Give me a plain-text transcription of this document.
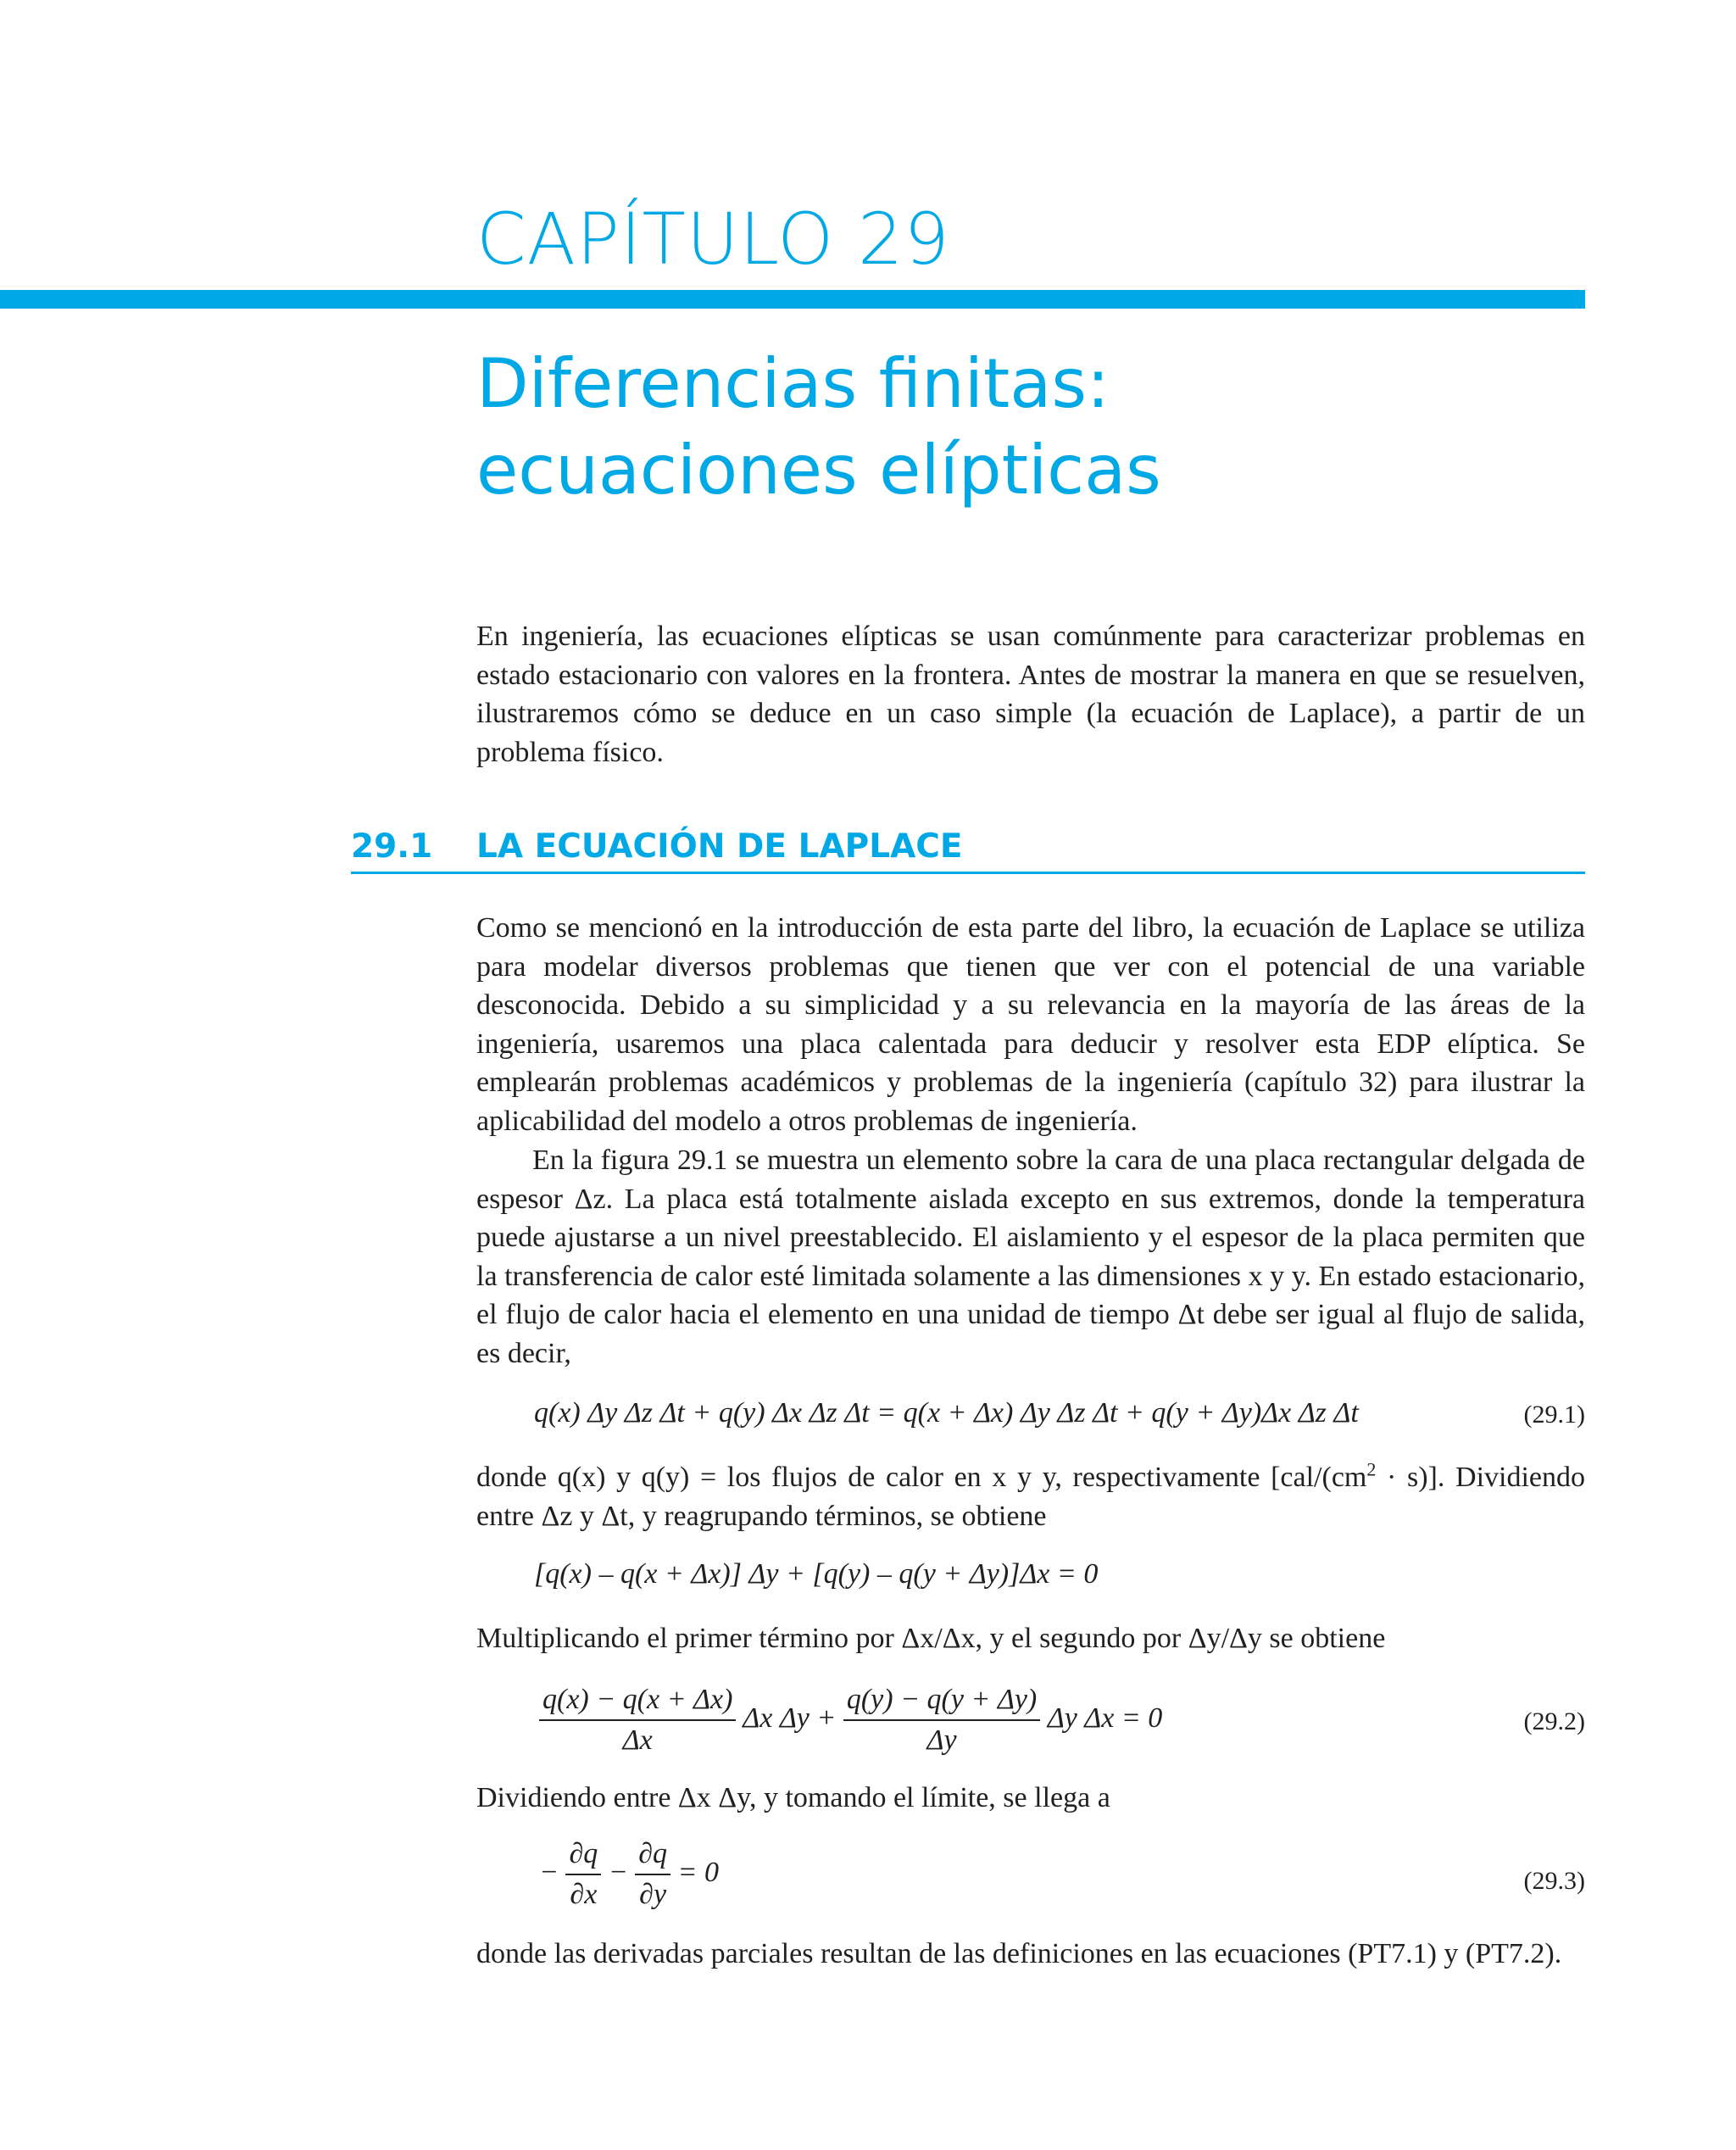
CAPÍTULO 29
Diferencias finitas:
ecuaciones elípticas

En ingeniería, las ecuaciones elípticas se usan comúnmente para caracterizar problemas en estado estacionario con valores en la frontera. Antes de mostrar la manera en que se resuelven, ilustraremos cómo se deduce en un caso simple (la ecuación de Laplace), a partir de un problema físico.

29.1 LA ECUACIÓN DE LAPLACE

Como se mencionó en la introducción de esta parte del libro, la ecuación de Laplace se utiliza para modelar diversos problemas que tienen que ver con el potencial de una variable desconocida. Debido a su simplicidad y a su relevancia en la mayoría de las áreas de la ingeniería, usaremos una placa calentada para deducir y resolver esta EDP elíptica. Se emplearán problemas académicos y problemas de la ingeniería (capítulo 32) para ilustrar la aplicabilidad del modelo a otros problemas de ingeniería.

En la figura 29.1 se muestra un elemento sobre la cara de una placa rectangular delgada de espesor Δz. La placa está totalmente aislada excepto en sus extremos, donde la temperatura puede ajustarse a un nivel preestablecido. El aislamiento y el espesor de la placa permiten que la transferencia de calor esté limitada solamente a las dimensiones x y y. En estado estacionario, el flujo de calor hacia el elemento en una unidad de tiempo Δt debe ser igual al flujo de salida, es decir,

q(x) Δy Δz Δt + q(y) Δx Δz Δt = q(x + Δx) Δy Δz Δt + q(y + Δy)Δx Δz Δt	(29.1)

donde q(x) y q(y) = los flujos de calor en x y y, respectivamente $[cal/(cm^2 \cdot s)]$. Dividiendo entre Δz y Δt, y reagrupando términos, se obtiene

[q(x) – q(x + Δx)] Δy + [q(y) – q(y + Δy)]Δx = 0

Multiplicando el primer término por Δx/Δx, y el segundo por Δy/Δy se obtiene

$\frac{q(x) - q(x + \Delta x)}{\Delta x}$ Δx $\Delta y + \frac{q(y) - q(y + \Delta y)}{\Delta y}$ Δy Δx = 0	(29.2)

Dividiendo entre Δx Δy, y tomando el límite, se llega a

− $\frac{\partial q}{\partial x} - \frac{\partial q}{\partial y} = 0$	(29.3)

donde las derivadas parciales resultan de las definiciones en las ecuaciones (PT7.1) y (PT7.2).
